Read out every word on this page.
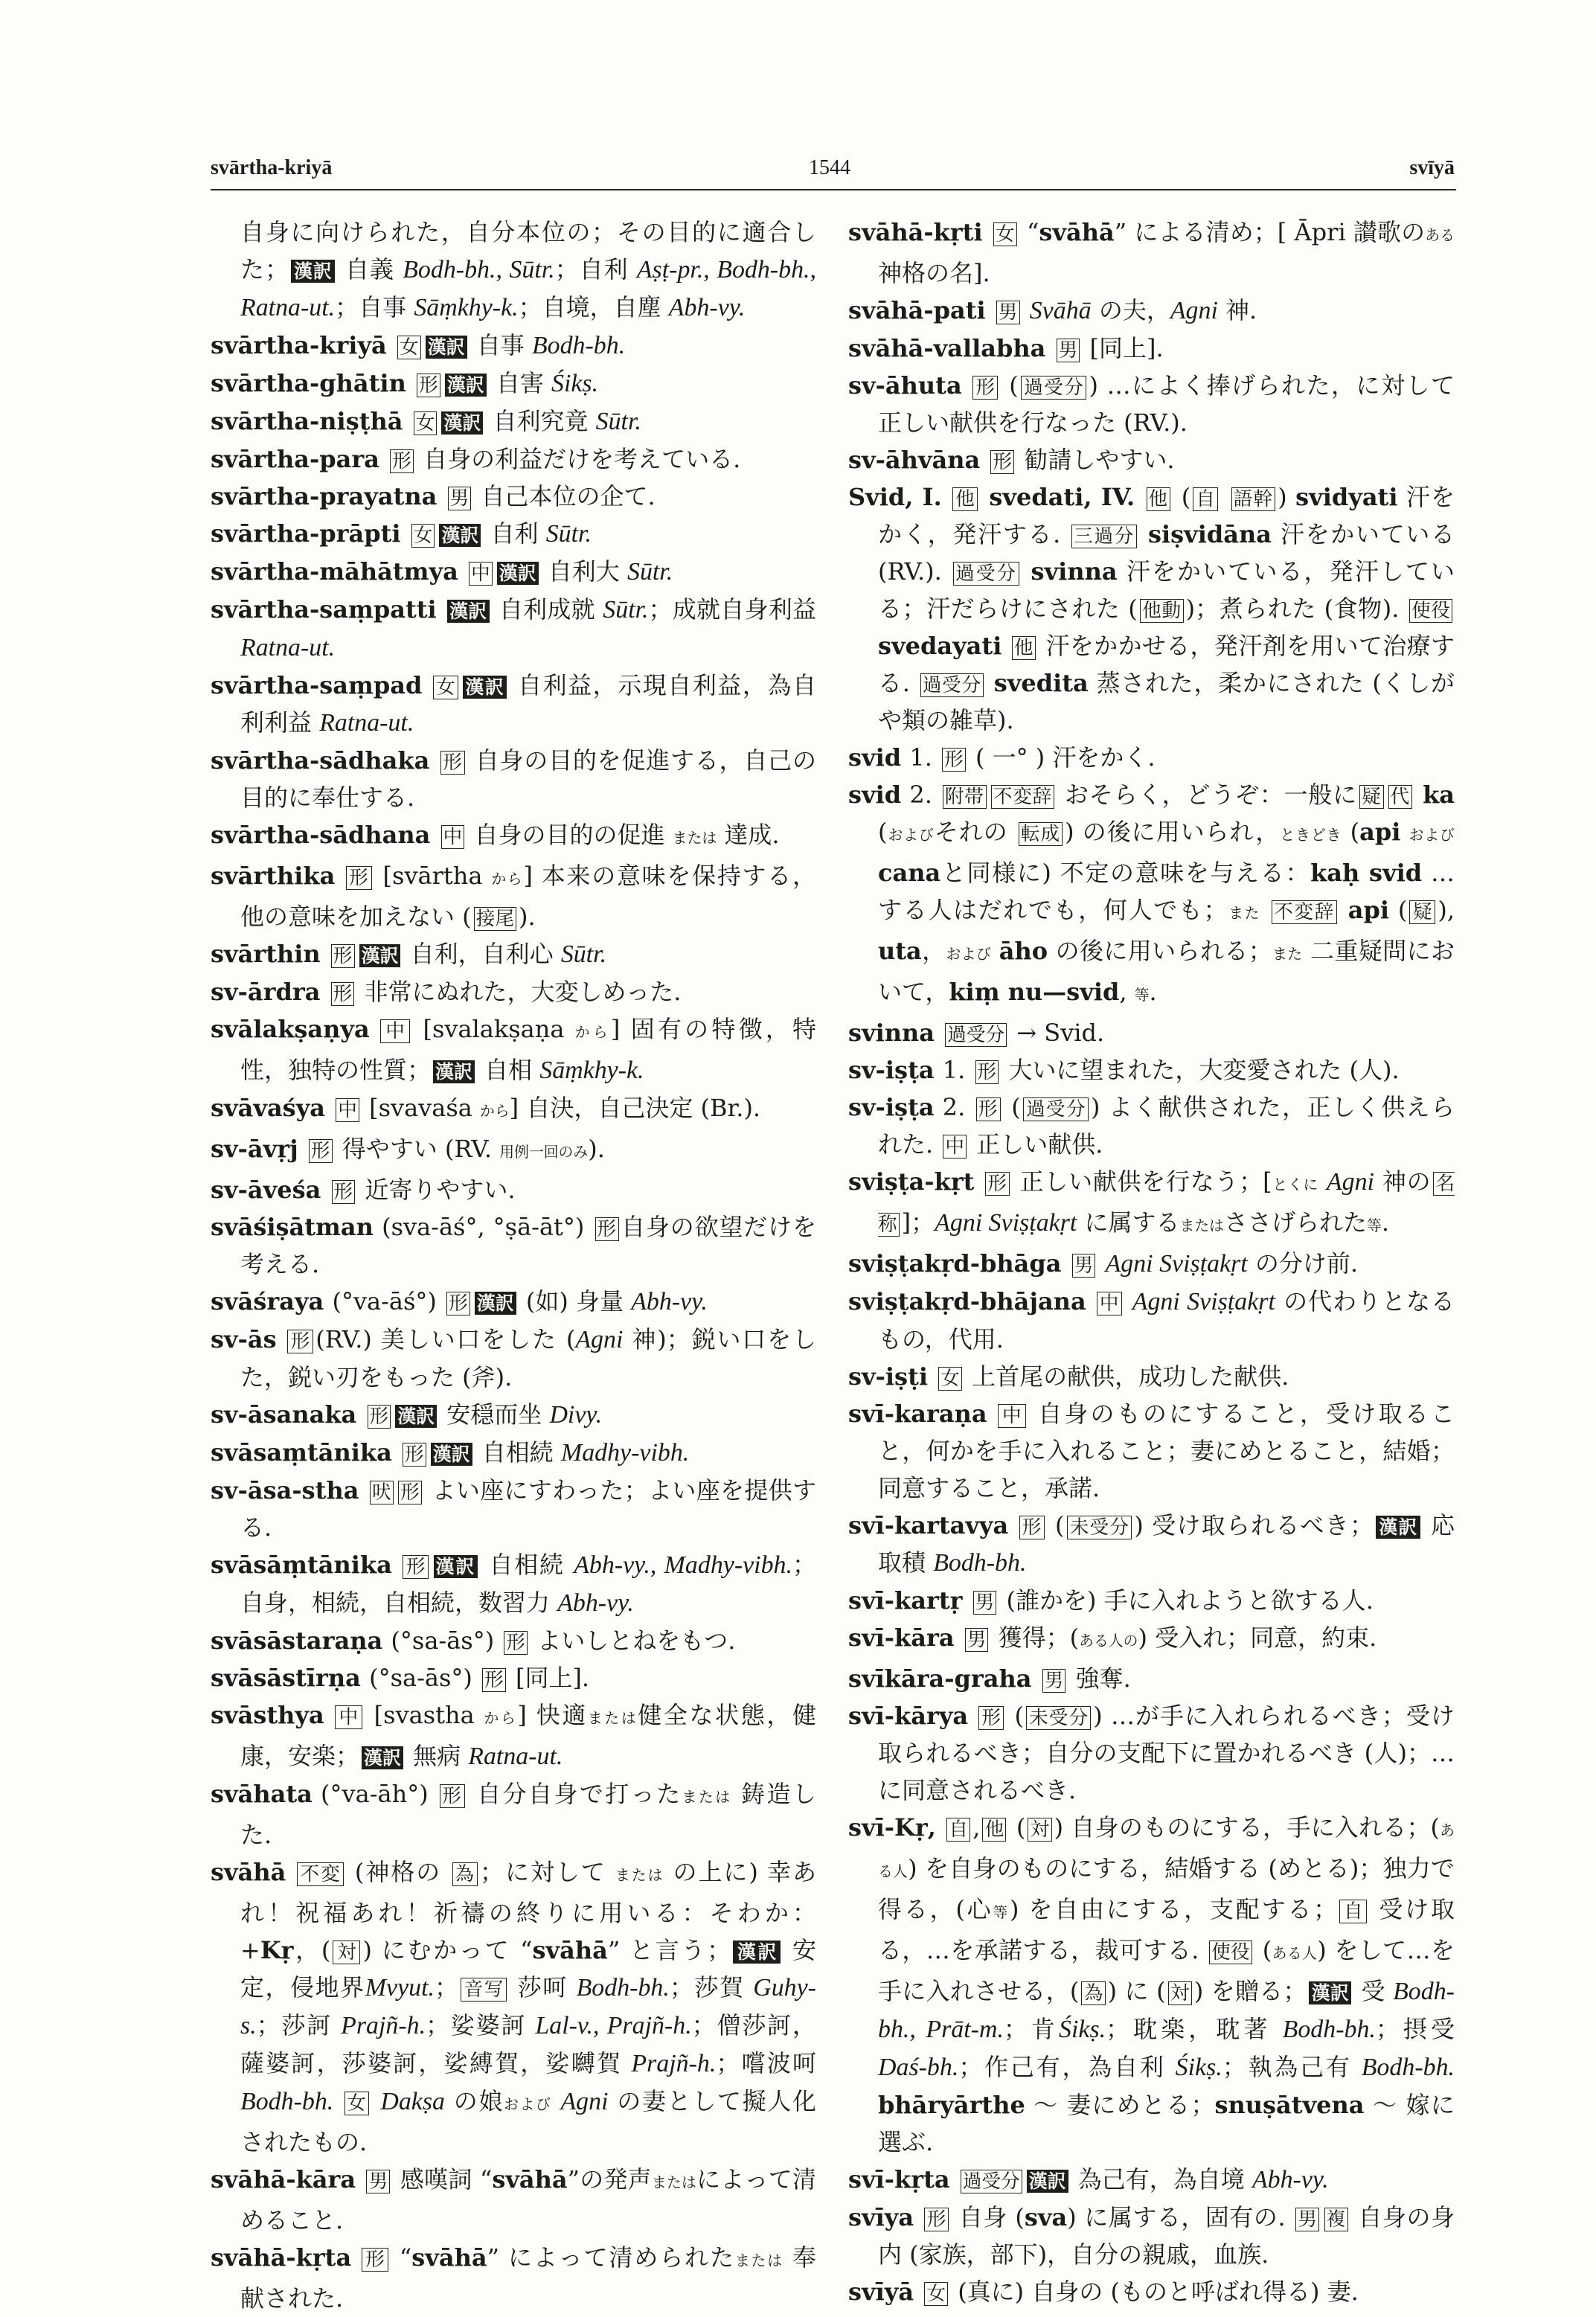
svārtha-kriyā	1544	svīyā

自身に向けられた，自分本位の；その目的に適合した； 漢訳 自義 Bodh-bh., Sūtr.；自利 Aṣṭ-pr., Bodh-bh., Ratna-ut.；自事 Sāṃkhy-k.；自境，自塵 Abh-vy.

svārtha-kriyā 女 漢訳 自事 Bodh-bh.

svārtha-ghātin 形 漢訳 自害 Śikṣ.

svārtha-niṣṭhā 女 漢訳 自利究竟 Sūtr.

svārtha-para 形 自身の利益だけを考えている.

svārtha-prayatna 男 自己本位の企て.

svārtha-prāpti 女 漢訳 自利 Sūtr.

svārtha-māhātmya 中 漢訳 自利大 Sūtr.

svārtha-saṃpatti 漢訳 自利成就 Sūtr.；成就自身利益 Ratna-ut.

svārtha-saṃpad 女 漢訳 自利益，示現自利益，為自利利益 Ratna-ut.

svārtha-sādhaka 形 自身の目的を促進する，自己の目的に奉仕する.

svārtha-sādhana 中 自身の目的の促進 または 達成.

svārthika 形 [svārtha から] 本来の意味を保持する，他の意味を加えない ( 接尾 ).

svārthin 形 漢訳 自利，自利心 Sūtr.

sv-ārdra 形 非常にぬれた，大変しめった.

svālakṣaṇya 中 [svalakṣaṇa から] 固有の特徴，特性，独特の性質； 漢訳 自相 Sāṃkhy-k.

svāvaśya 中 [svavaśa から] 自決，自己決定 (Br.).

sv-āvṛj 形 得やすい (RV. 用例一回のみ).

sv-āveśa 形 近寄りやすい.

svāśiṣātman (sva-āś°, °ṣā-āt°) 形 自身の欲望だけを考える.

svāśraya (°va-āś°) 形 漢訳 (如) 身量 Abh-vy.

sv-ās 形 (RV.) 美しい口をした (Agni 神)；鋭い口をした，鋭い刃をもった (斧).

sv-āsanaka 形 漢訳 安穏而坐 Divy.

svāsaṃtānika 形 漢訳 自相続 Madhy-vibh.

sv-āsa-stha 吠 形 よい座にすわった；よい座を提供する.

svāsāṃtānika 形 漢訳 自相続 Abh-vy., Madhy-vibh.；自身，相続，自相続，数習力 Abh-vy.

svāsāstaraṇa (°sa-ās°) 形 よいしとねをもつ.

svāsāstīrṇa (°sa-ās°) 形 [同上].

svāsthya 中 [svastha から] 快適または健全な状態，健康，安楽； 漢訳 無病 Ratna-ut.

svāhata (°va-āh°) 形 自分自身で打ったまたは 鋳造した.

svāhā 不変 (神格の 為 ；に対して または の上に) 幸あれ！祝福あれ！祈禱の終りに用いる：そわか：+Kṛ，( 対 ) にむかって “svāhā” と言う； 漢訳 安定，侵地界Mvyut.； 音写 莎呵 Bodh-bh.；莎賀 Guhy-s.；莎訶 Prajñ-h.；娑婆訶 Lal-v., Prajñ-h.；僧莎訶，薩婆訶，莎婆訶，娑縛賀，娑嚩賀 Prajñ-h.；嚐波呵 Bodh-bh. 女 Dakṣa の娘および Agni の妻として擬人化されたもの.

svāhā-kāra 男 感嘆詞 “svāhā”の発声またはによって清めること.

svāhā-kṛta 形 “svāhā” によって清められたまたは 奉献された.

svāhā-kṛti 女 “svāhā” による清め；[ Āpri 讃歌のある神格の名].

svāhā-pati 男 Svāhā の夫，Agni 神.

svāhā-vallabha 男 [同上].

sv-āhuta 形 ( 過受分 ) …によく捧げられた，に対して正しい献供を行なった (RV.).

sv-āhvāna 形 勧請しやすい.

Svid, I. 他 svedati, IV. 他 ( 自 語幹 ) svidyati 汗をかく，発汗する. 三過分 siṣvidāna 汗をかいている (RV.). 過受分 svinna 汗をかいている，発汗している；汗だらけにされた ( 他動 )；煮られた (食物). 使役 svedayati 他 汗をかかせる，発汗剤を用いて治療する. 過受分 svedita 蒸された，柔かにされた (くしがや類の雑草).

svid 1. 形 ( 一° ) 汗をかく.

svid 2. 附帯 不変辞 おそらく，どうぞ：一般に 疑 代 ka (およびそれの 転成 ) の後に用いられ，ときどき (api およびcanaと同様に) 不定の意味を与える：kaḥ svid …する人はだれでも，何人でも；また 不変辞 api ( 疑 ), uta，および āho の後に用いられる；また 二重疑問において，kiṃ nu—svid, 等.

svinna 過受分 → Svid.

sv-iṣṭa 1. 形 大いに望まれた，大変愛された (人).

sv-iṣṭa 2. 形 ( 過受分 ) よく献供された，正しく供えられた. 中 正しい献供.

sviṣṭa-kṛt 形 正しい献供を行なう；[とくに Agni 神の 名称 ]；Agni Sviṣṭakṛt に属するまたはささげられた等.

sviṣṭakṛd-bhāga 男 Agni Sviṣṭakṛt の分け前.

sviṣṭakṛd-bhājana 中 Agni Sviṣṭakṛt の代わりとなるもの，代用.

sv-iṣṭi 女 上首尾の献供，成功した献供.

svī-karaṇa 中 自身のものにすること，受け取ること，何かを手に入れること；妻にめとること，結婚；同意すること，承諾.

svī-kartavya 形 ( 未受分 ) 受け取られるべき； 漢訳 応取積 Bodh-bh.

svī-kartṛ 男 (誰かを) 手に入れようと欲する人.

svī-kāra 男 獲得；(ある人の) 受入れ；同意，約束.

svīkāra-graha 男 強奪.

svī-kārya 形 ( 未受分 ) …が手に入れられるべき；受け取られるべき；自分の支配下に置かれるべき (人)；…に同意されるべき.

svī-Kṛ, 自 , 他 ( 対 ) 自身のものにする，手に入れる；(ある人) を自身のものにする，結婚する (めとる)；独力で得る，(心等) を自由にする，支配する； 自 受け取る，…を承諾する，裁可する. 使役 (ある人) をして…を手に入れさせる，( 為 ) に ( 対 ) を贈る； 漢訳 受 Bodh-bh., Prāt-m.；肯Śikṣ.；耽楽，耽著 Bodh-bh.；摂受 Daś-bh.；作己有，為自利 Śikṣ.；執為己有 Bodh-bh. bhāryārthe ～ 妻にめとる；snuṣātvena ～ 嫁に選ぶ.

svī-kṛta 過受分 漢訳 為己有，為自境 Abh-vy.

svīya 形 自身 (sva) に属する，固有の. 男 複 自身の身内 (家族，部下)，自分の親戚，血族.

svīyā 女 (真に) 自身の (ものと呼ばれ得る) 妻.
